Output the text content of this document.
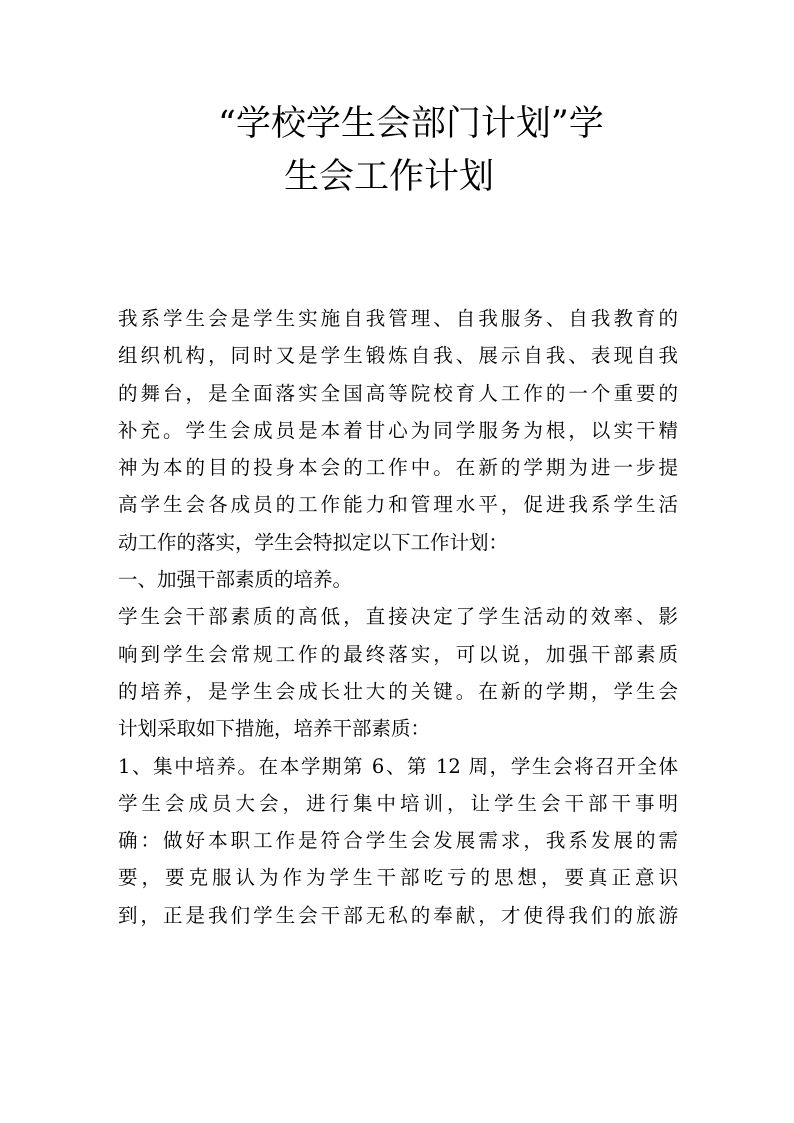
“学校学生会部门计划”学
生会工作计划
我系学生会是学生实施自我管理、自我服务、自我教育的
组织机构，同时又是学生锻炼自我、展示自我、表现自我
的舞台，是全面落实全国高等院校育人工作的一个重要的
补充。学生会成员是本着甘心为同学服务为根，以实干精
神为本的目的投身本会的工作中。在新的学期为进一步提
高学生会各成员的工作能力和管理水平，促进我系学生活
动工作的落实，学生会特拟定以下工作计划：
一、加强干部素质的培养。
学生会干部素质的高低，直接决定了学生活动的效率、影
响到学生会常规工作的最终落实，可以说，加强干部素质
的培养，是学生会成长壮大的关键。在新的学期，学生会
计划采取如下措施，培养干部素质：
1、集中培养。在本学期第 6、第 12 周，学生会将召开全体
学生会成员大会，进行集中培训，让学生会干部干事明
确：做好本职工作是符合学生会发展需求，我系发展的需
要，要克服认为作为学生干部吃亏的思想，要真正意识
到，正是我们学生会干部无私的奉献，才使得我们的旅游
